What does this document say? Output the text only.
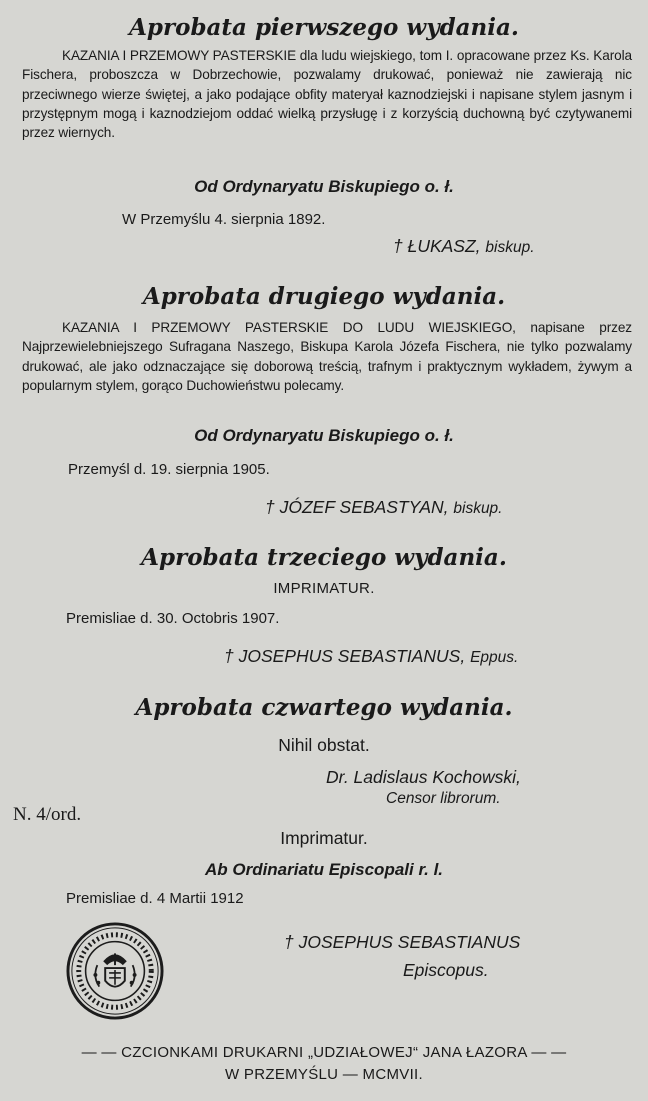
Aprobata pierwszego wydania.
KAZANIA I PRZEMOWY PASTERSKIE dla ludu wiejskiego, tom I. opracowane przez Ks. Karola Fischera, proboszcza w Dobrzechowie, pozwalamy drukować, ponieważ nie zawierają nic przeciwnego wierze świętej, a jako podające obfity materyał kaznodziejski i napisane stylem jasnym i przystępnym mogą i kaznodziejom oddać wielką przysługę i z korzyścią duchowną być czytywanemi przez wiernych.
Od Ordynaryatu Biskupiego o. ł.
W Przemyślu 4. sierpnia 1892.
† ŁUKASZ, biskup.
Aprobata drugiego wydania.
KAZANIA I PRZEMOWY PASTERSKIE DO LUDU WIEJSKIEGO, napisane przez Najprzewielebniejszego Sufragana Naszego, Biskupa Karola Józefa Fischera, nie tylko pozwalamy drukować, ale jako odznaczające się doborową treścią, trafnym i praktycznym wykładem, żywym a popularnym stylem, gorąco Duchowieństwu polecamy.
Od Ordynaryatu Biskupiego o. ł.
Przemyśl d. 19. sierpnia 1905.
† JÓZEF SEBASTYAN, biskup.
Aprobata trzeciego wydania.
IMPRIMATUR.
Premisliae d. 30. Octobris 1907.
† JOSEPHUS SEBASTIANUS, Eppus.
Aprobata czwartego wydania.
Nihil obstat.
Dr. Ladislaus Kochowski,
Censor librorum.
N. 4/ord.
Imprimatur.
Ab Ordinariatu Episcopali r. l.
Premisliae d. 4 Martii 1912
† JOSEPHUS SEBASTIANUS
Episcopus.
— — CZCIONKAMI DRUKARNI „UDZIAŁOWEJ“ JANA ŁAZORA — —
W PRZEMYŚLU — MCMVII.
